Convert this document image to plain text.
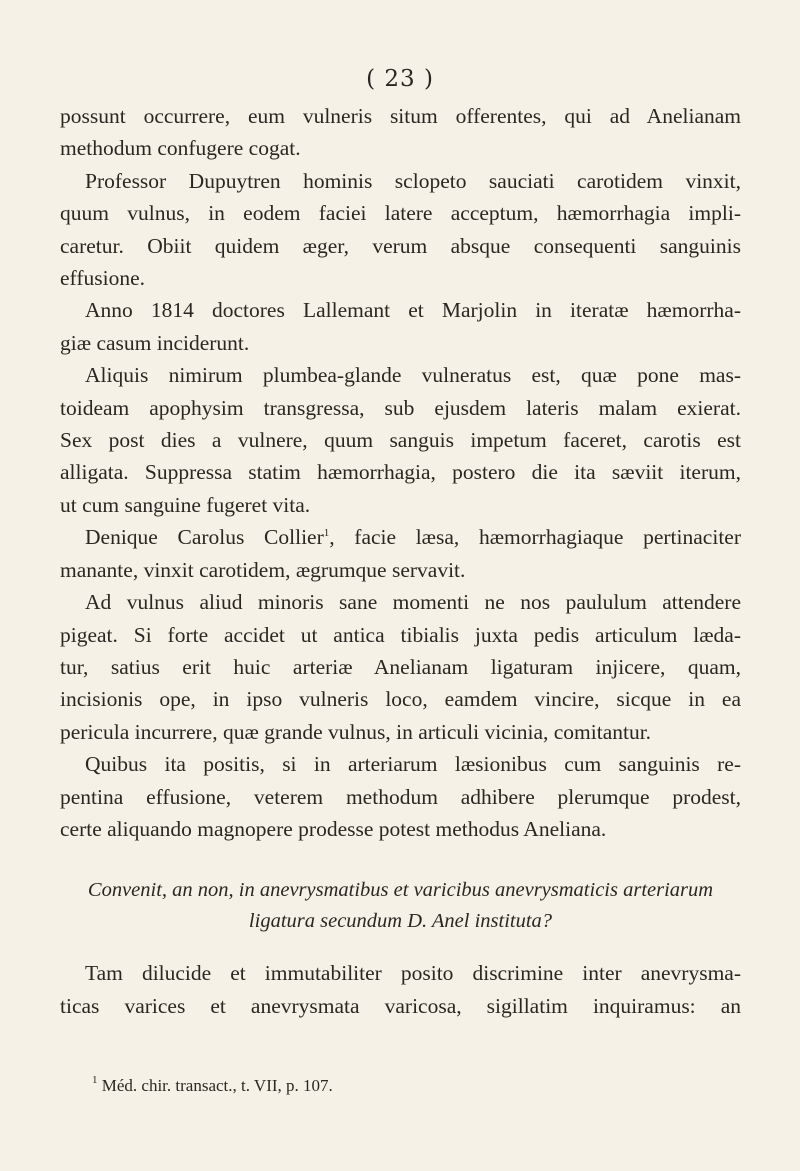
( 23 )
possunt occurrere, eum vulneris situm offerentes, qui ad Anelianam
methodum confugere cogat.
Professor Dupuytren hominis sclopeto sauciati carotidem vinxit,
quum vulnus, in eodem faciei latere acceptum, hæmorrhagia impli-
caretur. Obiit quidem æger, verum absque consequenti sanguinis
effusione.
Anno 1814 doctores Lallemant et Marjolin in iteratæ hæmorrha-
giæ casum inciderunt.
Aliquis nimirum plumbea-glande vulneratus est, quæ pone mas-
toideam apophysim transgressa, sub ejusdem lateris malam exierat.
Sex post dies a vulnere, quum sanguis impetum faceret, carotis est
alligata. Suppressa statim hæmorrhagia, postero die ita sæviit iterum,
ut cum sanguine fugeret vita.
Denique Carolus Collier$^1$, facie læsa, hæmorrhagiaque pertinaciter
manante, vinxit carotidem, ægrumque servavit.
Ad vulnus aliud minoris sane momenti ne nos paululum attendere
pigeat. Si forte accidet ut antica tibialis juxta pedis articulum læda-
tur, satius erit huic arteriæ Anelianam ligaturam injicere, quam,
incisionis ope, in ipso vulneris loco, eamdem vincire, sicque in ea
pericula incurrere, quæ grande vulnus, in articuli vicinia, comitantur.
Quibus ita positis, si in arteriarum læsionibus cum sanguinis re-
pentina effusione, veterem methodum adhibere plerumque prodest,
certe aliquando magnopere prodesse potest methodus Aneliana.
Convenit, an non, in anevrysmatibus et varicibus anevrysmaticis arteriarum
ligatura secundum D. Anel instituta?
Tam dilucide et immutabiliter posito discrimine inter anevrysma-
ticas varices et anevrysmata varicosa, sigillatim inquiramus: an
$^1$ Méd. chir. transact., t. VII, p. 107.
